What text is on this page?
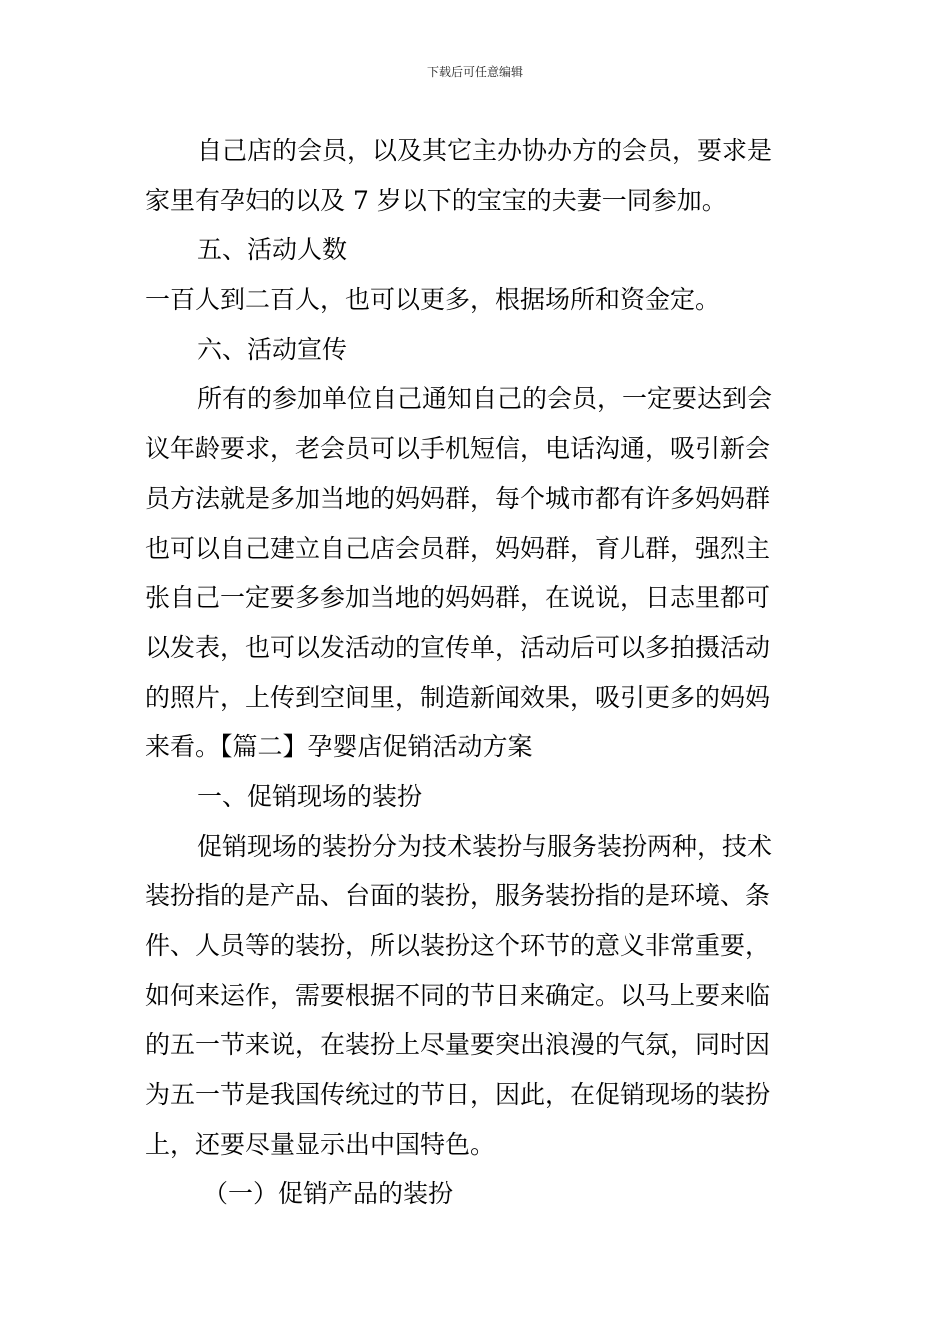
下载后可任意编辑
自己店的会员，以及其它主办协办方的会员，要求是
家里有孕妇的以及 7 岁以下的宝宝的夫妻一同参加。
五、活动人数
一百人到二百人，也可以更多，根据场所和资金定。
六、活动宣传
所有的参加单位自己通知自己的会员，一定要达到会
议年龄要求，老会员可以手机短信，电话沟通，吸引新会
员方法就是多加当地的妈妈群，每个城市都有许多妈妈群
也可以自己建立自己店会员群，妈妈群，育儿群，强烈主
张自己一定要多参加当地的妈妈群，在说说，日志里都可
以发表，也可以发活动的宣传单，活动后可以多拍摄活动
的照片，上传到空间里，制造新闻效果，吸引更多的妈妈
来看。【篇二】孕婴店促销活动方案
一、促销现场的装扮
促销现场的装扮分为技术装扮与服务装扮两种，技术
装扮指的是产品、台面的装扮，服务装扮指的是环境、条
件、人员等的装扮，所以装扮这个环节的意义非常重要，
如何来运作，需要根据不同的节日来确定。以马上要来临
的五一节来说，在装扮上尽量要突出浪漫的气氛，同时因
为五一节是我国传统过的节日，因此，在促销现场的装扮
上，还要尽量显示出中国特色。
（一）促销产品的装扮
